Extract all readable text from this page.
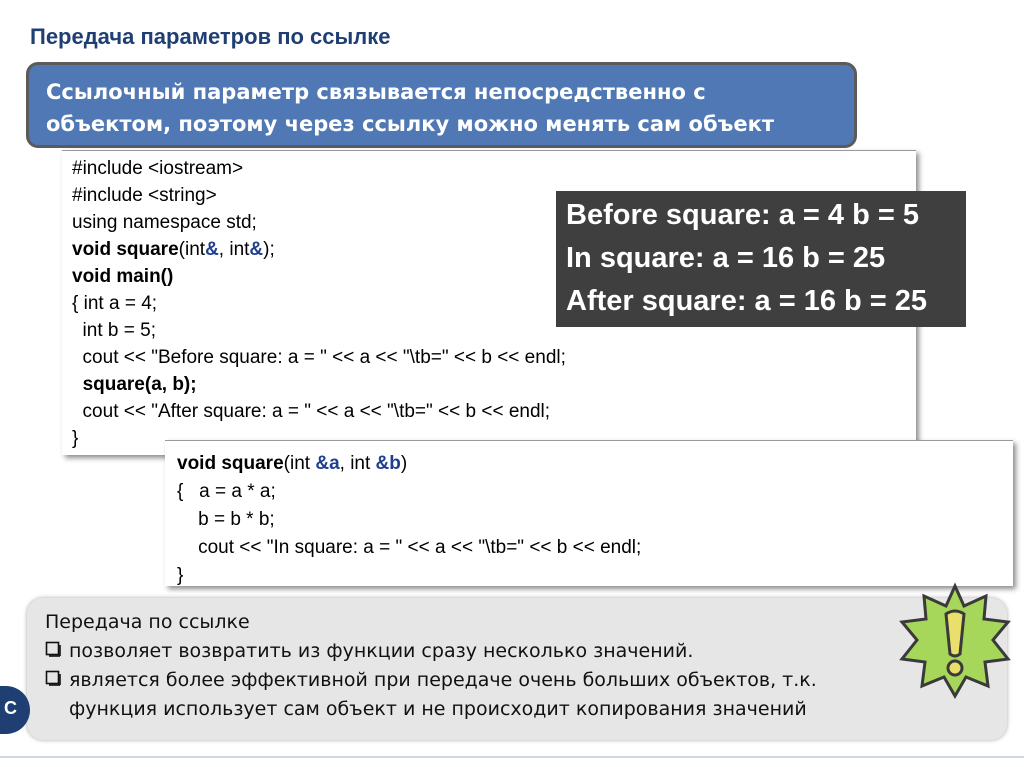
Передача параметров по ссылке
Ссылочный параметр связывается непосредственно с
объектом, поэтому через ссылку можно менять сам объект
#include <iostream>
#include <string>
using namespace std;
void square(int&, int&);
void main()
{ int a = 4;
int b = 5;
cout << "Before square: a = " << a << "\tb=" << b << endl;
square(a, b);
cout << "After square: a = " << a << "\tb=" << b << endl;
}
Before square: a = 4 b = 5
In square: a = 16 b = 25
After square: a = 16 b = 25
void square(int &a, int &b)
{   a = a * a;
b = b * b;
cout << "In square: a = " << a << "\tb=" << b << endl;
}
Передача по ссылке
позволяет возвратить из функции сразу несколько значений.
является более эффективной при передаче очень больших объектов, т.к.
функция использует сам объект и не происходит копирования значений
C
